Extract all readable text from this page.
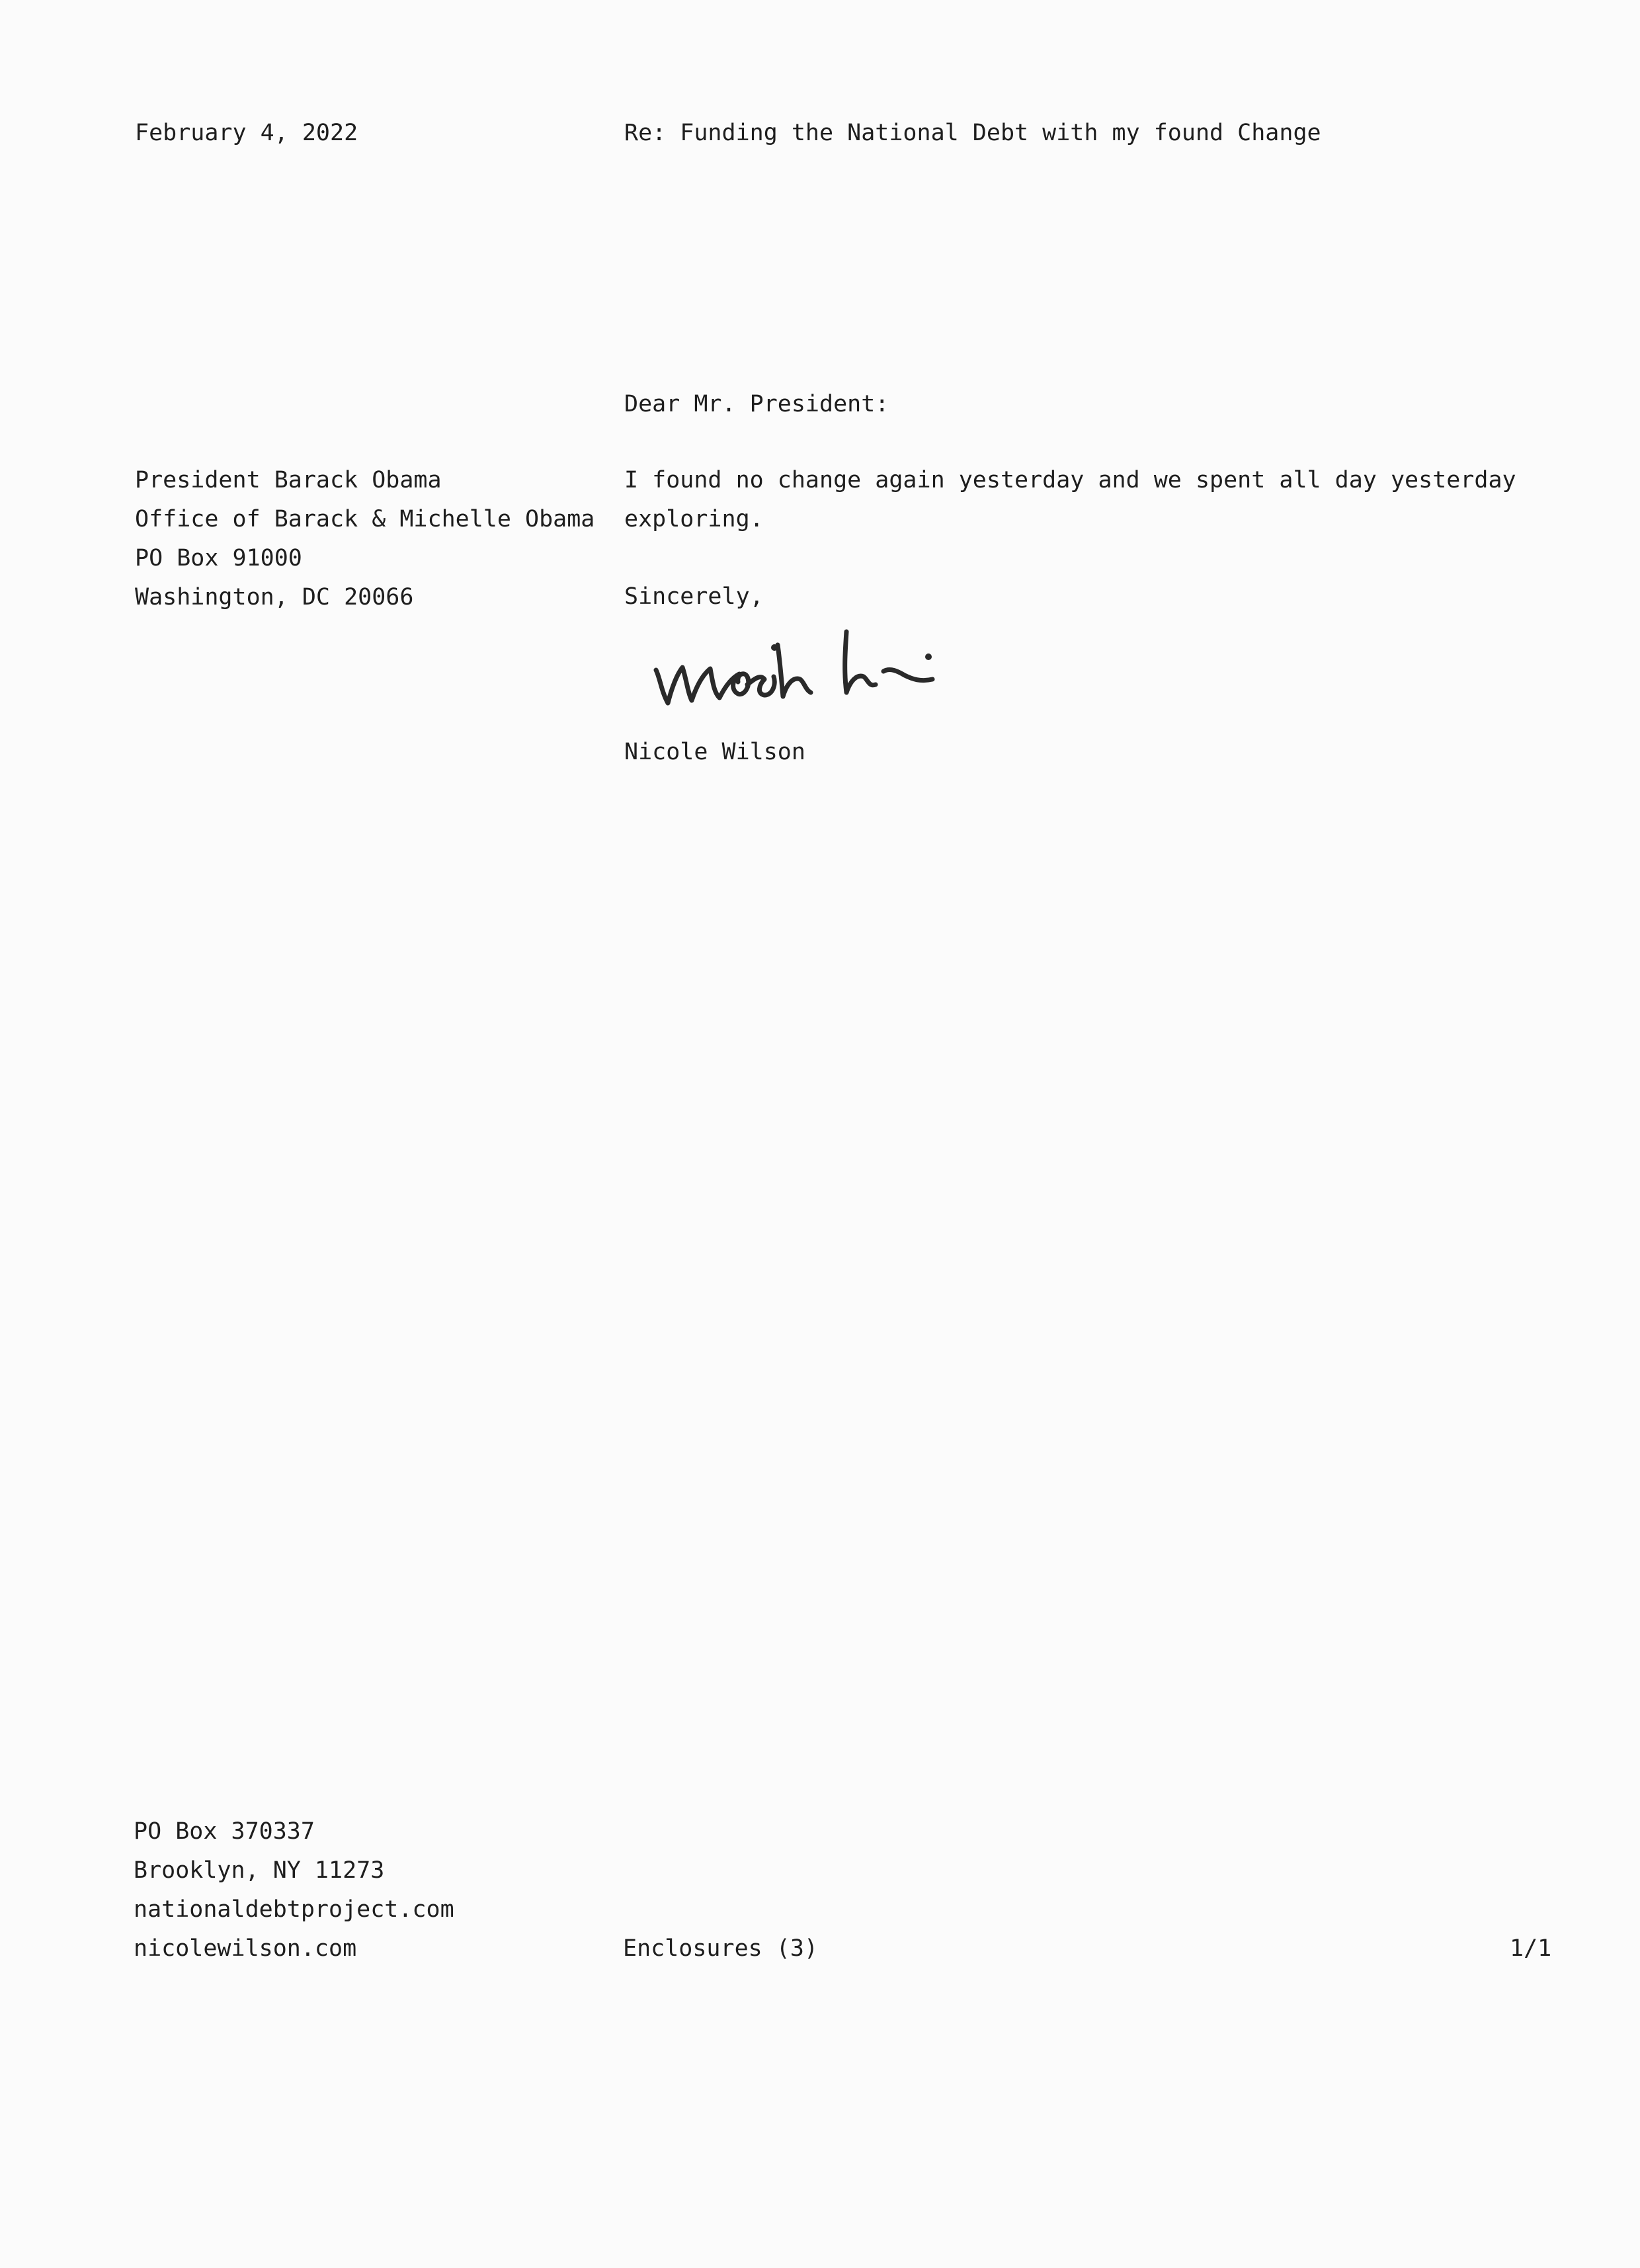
February 4, 2022	Re: Funding the National Debt with my found Change

Dear Mr. President:

President Barack Obama
Office of Barack & Michelle Obama
PO Box 91000
Washington, DC 20066
I found no change again yesterday and we spent all day yesterday
exploring.

Sincerely,

Nicole Wilson

PO Box 370337
Brooklyn, NY 11273
nationaldebtproject.com
nicolewilson.com	Enclosures (3)	1/1
